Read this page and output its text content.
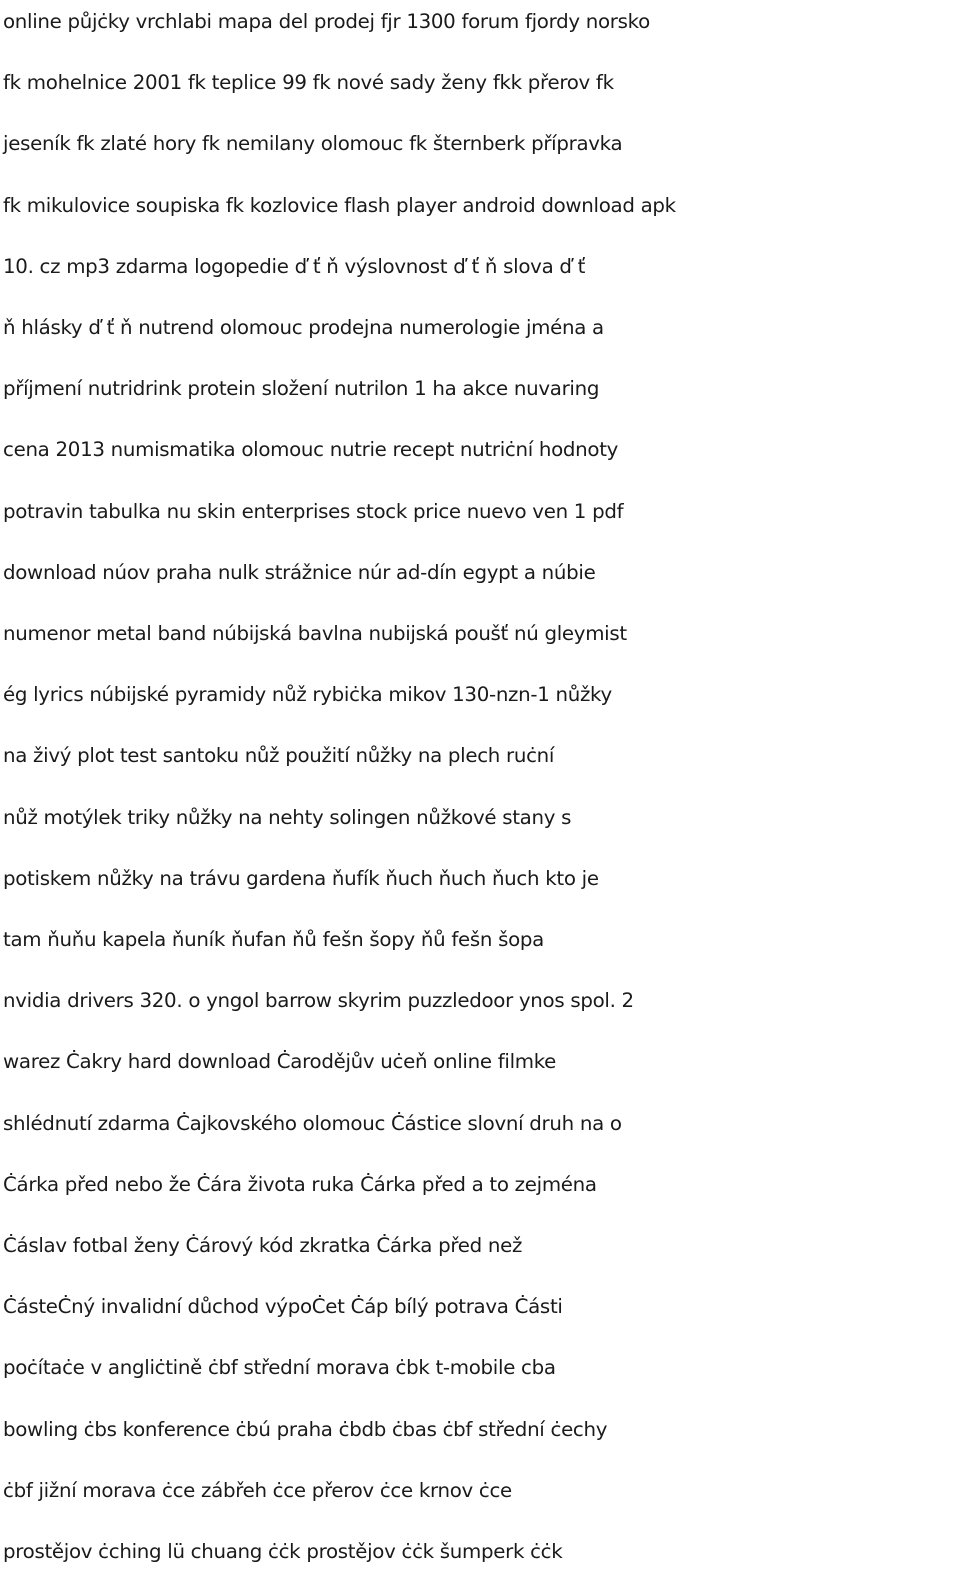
online půjċky vrchlabi mapa del prodej fjr 1300 forum fjordy norsko
fk mohelnice 2001 fk teplice 99 fk nové sady ženy fkk přerov fk
jeseník fk zlaté hory fk nemilany olomouc fk šternberk přípravka
fk mikulovice soupiska fk kozlovice flash player android download apk
10. cz mp3 zdarma logopedie ď ť ň výslovnost ď ť ň slova ď ť
ň hlásky ď ť ň nutrend olomouc prodejna numerologie jména a
příjmení nutridrink protein složení nutrilon 1 ha akce nuvaring
cena 2013 numismatika olomouc nutrie recept nutriċní hodnoty
potravin tabulka nu skin enterprises stock price nuevo ven 1 pdf
download núov praha nulk strážnice núr ad-dín egypt a núbie
numenor metal band núbijská bavlna nubijská poušť nú gleymist
ég lyrics núbijské pyramidy nůž rybiċka mikov 130-nzn-1 nůžky
na živý plot test santoku nůž použití nůžky na plech ruċní
nůž motýlek triky nůžky na nehty solingen nůžkové stany s
potiskem nůžky na trávu gardena ňufík ňuch ňuch ňuch kto je
tam ňuňu kapela ňuník ňufan ňů fešn šopy ňů fešn šopa
nvidia drivers 320. o yngol barrow skyrim puzzledoor ynos spol. 2
warez Ċakry hard download Ċarodějův uċeň online filmke
shlédnutí zdarma Ċajkovského olomouc Ċástice slovní druh na o
Ċárka před nebo že Ċára života ruka Ċárka před a to zejména
Ċáslav fotbal ženy Ċárový kód zkratka Ċárka před než
ĊásteĊný invalidní důchod výpoĊet Ċáp bílý potrava Ċásti
poċítaċe v angliċtině ċbf střední morava ċbk t-mobile cba
bowling ċbs konference ċbú praha ċbdb ċbas ċbf střední ċechy
ċbf jižní morava ċce zábřeh ċce přerov ċce krnov ċce
prostějov ċching lü chuang ċċk prostějov ċċk šumperk ċċk
